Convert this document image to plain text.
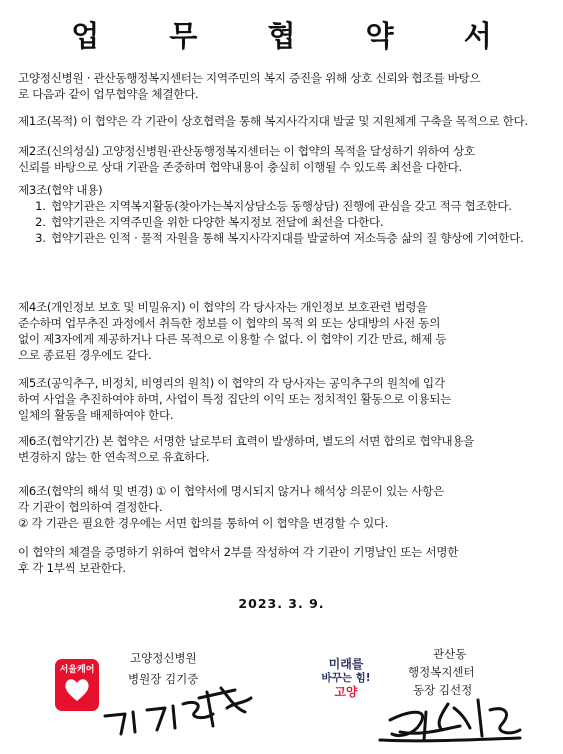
업 무 협 약 서
고양정신병원 · 관산동행정복지센터는 지역주민의 복지 증진을 위해 상호 신뢰와 협조를 바탕으
로 다음과 같이 업무협약을 체결한다.
제1조(목적) 이 협약은 각 기관이 상호협력을 통해 복지사각지대 발굴 및 지원체계 구축을 목적으로 한다.
제2조(신의성실) 고양정신병원·관산동행정복지센터는 이 협약의 목적을 달성하기 위하여 상호
신뢰를 바탕으로 상대 기관을 존중하며 협약내용이 충실히 이행될 수 있도록 최선을 다한다.
제3조(협약 내용)
1. 협약기관은 지역복지활동(찾아가는복지상담소등 동행상담) 진행에 관심을 갖고 적극 협조한다.
2. 협약기관은 지역주민을 위한 다양한 복지정보 전달에 최선을 다한다.
3. 협약기관은 인적 · 물적 자원을 통해 복지사각지대를 발굴하여 저소득층 삶의 질 향상에 기여한다.
제4조(개인정보 보호 및 비밀유지) 이 협약의 각 당사자는 개인정보 보호관련 법령을
준수하며 업무추진 과정에서 취득한 정보를 이 협약의 목적 외 또는 상대방의 사전 동의
없이 제3자에게 제공하거나 다른 목적으로 이용할 수 없다. 이 협약이 기간 만료, 해제 등
으로 종료된 경우에도 같다.
제5조(공익추구, 비정치, 비영리의 원칙) 이 협약의 각 당사자는 공익추구의 원칙에 입각
하여 사업을 추진하여야 하며, 사업이 특정 집단의 이익 또는 정치적인 활동으로 이용되는
일체의 활동을 배제하여야 한다.
제6조(협약기간) 본 협약은 서명한 날로부터 효력이 발생하며, 별도의 서면 합의로 협약내용을
변경하지 않는 한 연속적으로 유효하다.
제6조(협약의 해석 및 변경) ① 이 협약서에 명시되지 않거나 해석상 의문이 있는 사항은
각 기관이 협의하여 결정한다.
② 각 기관은 필요한 경우에는 서면 합의를 통하여 이 협약을 변경할 수 있다.
이 협약의 체결을 증명하기 위하여 협약서 2부를 작성하여 각 기관이 기명날인 또는 서명한
후 각 1부씩 보관한다.
2023. 3. 9.
서울케어
고양정신병원
병원장 김기중
미래를
바꾸는 힘!
고양
관산동
행정복지센터
동장 김선정
